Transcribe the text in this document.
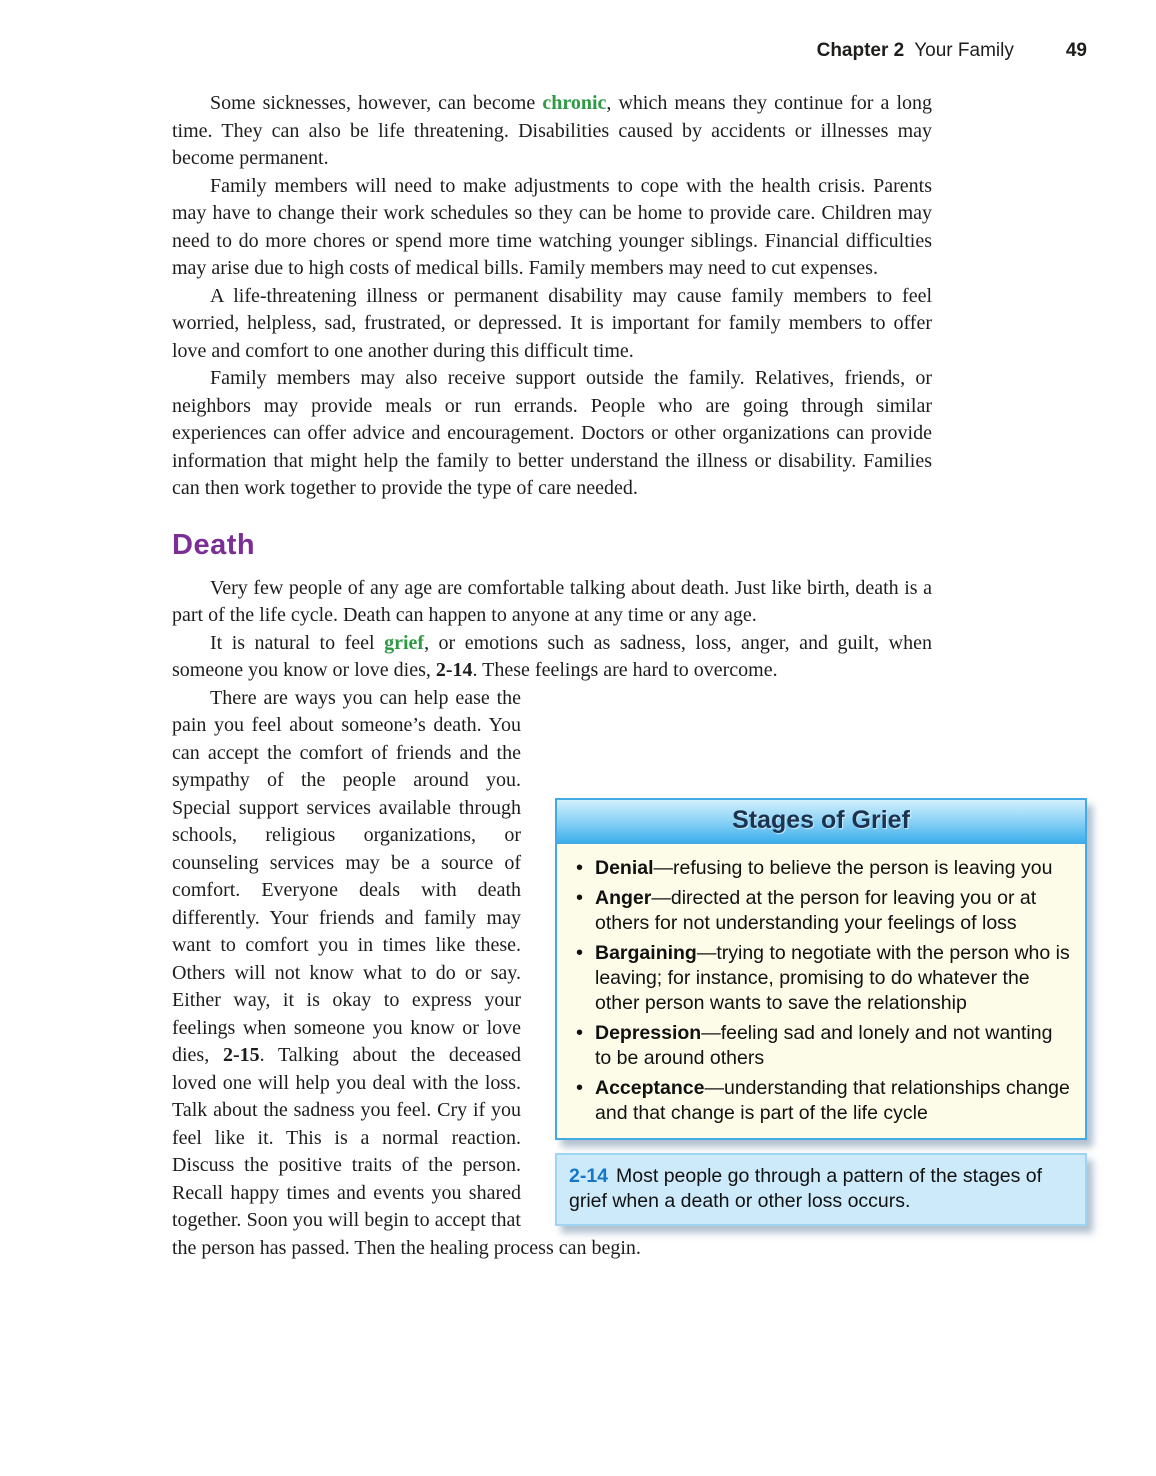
Chapter 2 Your Family	49

Some sicknesses, however, can become chronic, which means they continue for a long time. They can also be life threatening. Disabilities caused by accidents or illnesses may become permanent.

Family members will need to make adjustments to cope with the health crisis. Parents may have to change their work schedules so they can be home to provide care. Children may need to do more chores or spend more time watching younger siblings. Financial difficulties may arise due to high costs of medical bills. Family members may need to cut expenses.

A life-threatening illness or permanent disability may cause family members to feel worried, helpless, sad, frustrated, or depressed. It is important for family members to offer love and comfort to one another during this difficult time.

Family members may also receive support outside the family. Relatives, friends, or neighbors may provide meals or run errands. People who are going through similar experiences can offer advice and encouragement. Doctors or other organizations can provide information that might help the family to better understand the illness or disability. Families can then work together to provide the type of care needed.

Death

Very few people of any age are comfortable talking about death. Just like birth, death is a part of the life cycle. Death can happen to anyone at any time or any age.

It is natural to feel grief, or emotions such as sadness, loss, anger, and guilt, when someone you know or love dies, 2-14. These feelings are hard to overcome.

Stages of Grief
• Denial—refusing to believe the person is leaving you
• Anger—directed at the person for leaving you or at others for not understanding your feelings of loss
• Bargaining—trying to negotiate with the person who is leaving; for instance, promising to do whatever the other person wants to save the relationship
• Depression—feeling sad and lonely and not wanting to be around others
• Acceptance—understanding that relationships change and that change is part of the life cycle
2-14 Most people go through a pattern of the stages of grief when a death or other loss occurs.

There are ways you can help ease the pain you feel about someone’s death. You can accept the comfort of friends and the sympathy of the people around you. Special support services available through schools, religious organizations, or counseling services may be a source of comfort. Everyone deals with death differently. Your friends and family may want to comfort you in times like these. Others will not know what to do or say. Either way, it is okay to express your feelings when someone you know or love dies, 2-15. Talking about the deceased loved one will help you deal with the loss. Talk about the sadness you feel. Cry if you feel like it. This is a normal reaction. Discuss the positive traits of the person. Recall happy times and events you shared together. Soon you will begin to accept that the person has passed. Then the healing process can begin.
